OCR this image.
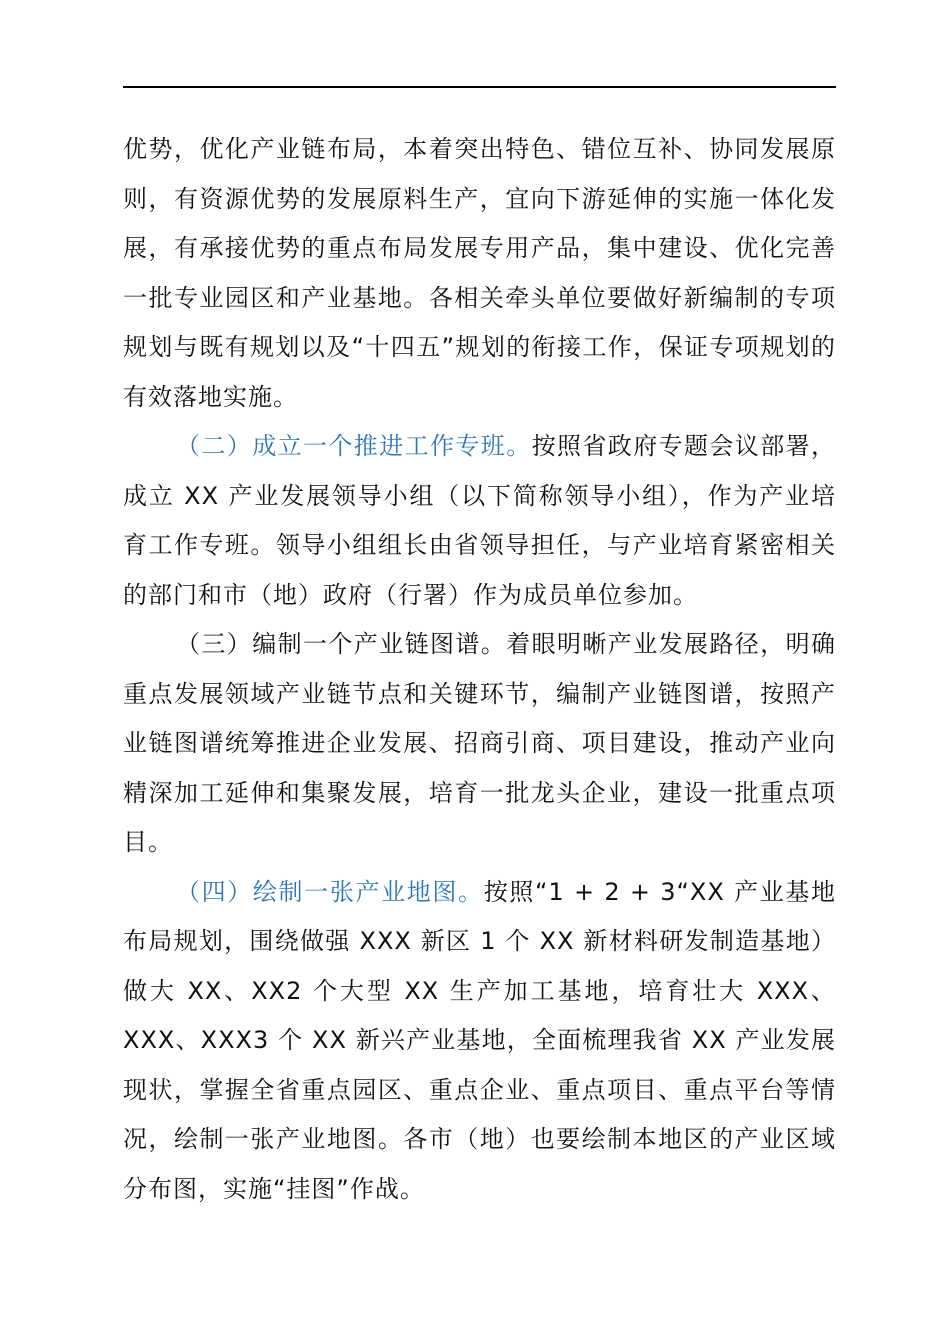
优势，优化产业链布局，本着突出特色、错位互补、协同发展原则，有资源优势的发展原料生产，宜向下游延伸的实施一体化发展，有承接优势的重点布局发展专用产品，集中建设、优化完善一批专业园区和产业基地。各相关牵头单位要做好新编制的专项规划与既有规划以及“十四五”规划的衔接工作，保证专项规划的有效落地实施。

（二）成立一个推进工作专班。按照省政府专题会议部署，成立 XX 产业发展领导小组（以下简称领导小组），作为产业培育工作专班。领导小组组长由省领导担任，与产业培育紧密相关的部门和市（地）政府（行署）作为成员单位参加。

（三）编制一个产业链图谱。着眼明晰产业发展路径，明确重点发展领域产业链节点和关键环节，编制产业链图谱，按照产业链图谱统筹推进企业发展、招商引商、项目建设，推动产业向精深加工延伸和集聚发展，培育一批龙头企业，建设一批重点项目。

（四）绘制一张产业地图。按照“1 + 2 + 3“XX 产业基地布局规划，围绕做强 XXX 新区 1 个 XX 新材料研发制造基地）做大 XX、XX2 个大型 XX 生产加工基地，培育壮大 XXX、XXX、XXX3 个 XX 新兴产业基地，全面梳理我省 XX 产业发展现状，掌握全省重点园区、重点企业、重点项目、重点平台等情况，绘制一张产业地图。各市（地）也要绘制本地区的产业区域分布图，实施“挂图”作战。
